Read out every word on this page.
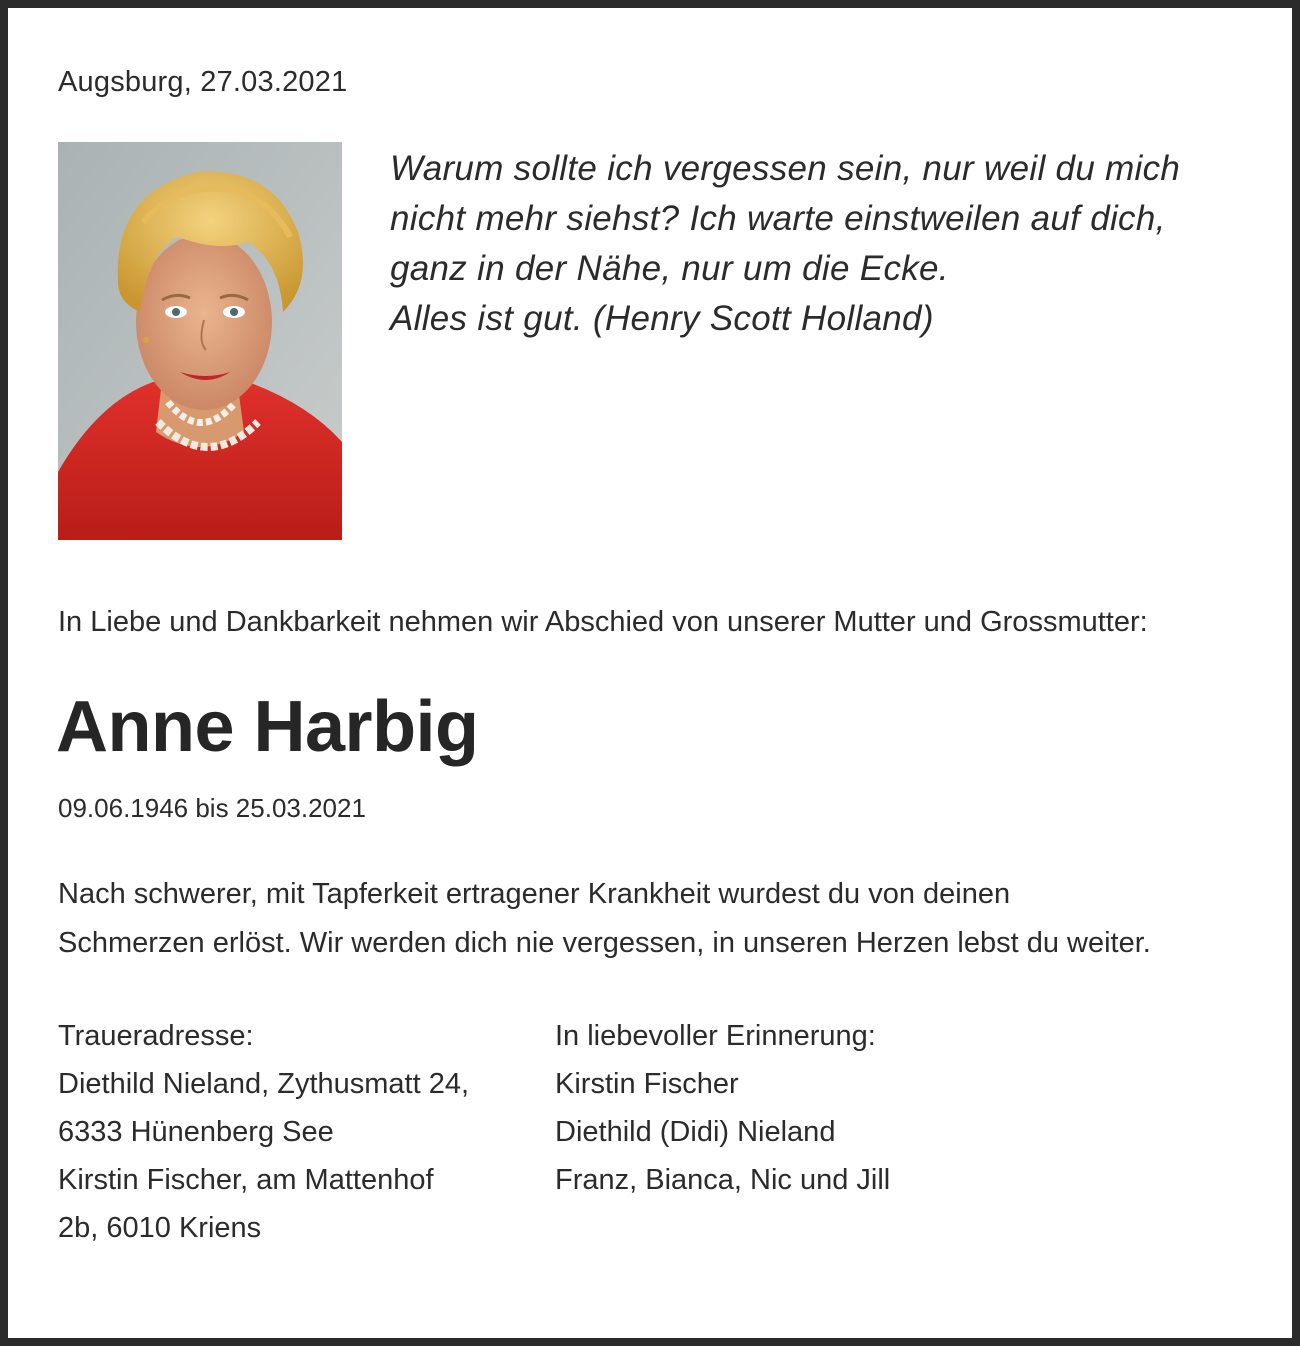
Augsburg, 27.03.2021
Warum sollte ich vergessen sein, nur weil du mich
nicht mehr siehst? Ich warte einstweilen auf dich,
ganz in der Nähe, nur um die Ecke.
Alles ist gut. (Henry Scott Holland)
In Liebe und Dankbarkeit nehmen wir Abschied von unserer Mutter und Grossmutter:
Anne Harbig
09.06.1946 bis 25.03.2021
Nach schwerer, mit Tapferkeit ertragener Krankheit wurdest du von deinen
Schmerzen erlöst. Wir werden dich nie vergessen, in unseren Herzen lebst du weiter.
Traueradresse:
Diethild Nieland, Zythusmatt 24,
6333 Hünenberg See
Kirstin Fischer, am Mattenhof
2b, 6010 Kriens
In liebevoller Erinnerung:
Kirstin Fischer
Diethild (Didi) Nieland
Franz, Bianca, Nic und Jill
